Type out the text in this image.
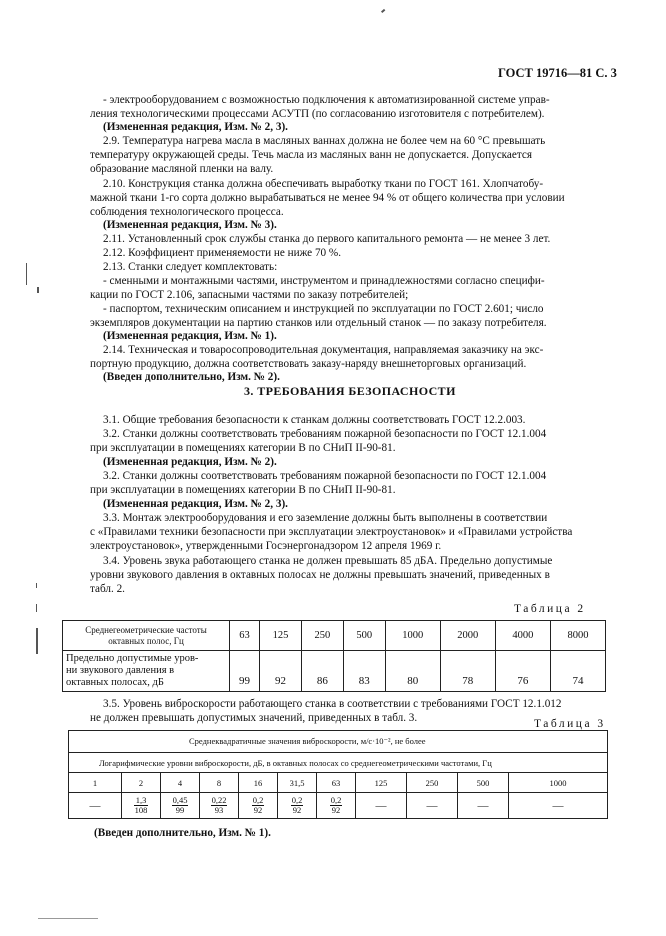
ГОСТ 19716—81 С. 3
- электрооборудованием с возможностью подключения к автоматизированной системе управ-
ления технологическими процессами АСУТП (по согласованию изготовителя с потребителем).
(Измененная редакция, Изм. № 2, 3).
2.9. Температура нагрева масла в масляных ваннах должна не более чем на 60 °С превышать
температуру окружающей среды. Течь масла из масляных ванн не допускается. Допускается
образование масляной пленки на валу.
2.10. Конструкция станка должна обеспечивать выработку ткани по ГОСТ 161. Хлопчатобу-
мажной ткани 1-го сорта должно вырабатываться не менее 94 % от общего количества при условии
соблюдения технологического процесса.
(Измененная редакция, Изм. № 3).
2.11. Установленный срок службы станка до первого капитального ремонта — не менее 3 лет.
2.12. Коэффициент применяемости не ниже 70 %.
2.13. Станки следует комплектовать:
- сменными и монтажными частями, инструментом и принадлежностями согласно специфи-
кации по ГОСТ 2.106, запасными частями по заказу потребителей;
- паспортом, техническим описанием и инструкцией по эксплуатации по ГОСТ 2.601; число
экземпляров документации на партию станков или отдельный станок — по заказу потребителя.
(Измененная редакция, Изм. № 1).
2.14. Техническая и товаросопроводительная документация, направляемая заказчику на экс-
портную продукцию, должна соответствовать заказу-наряду внешнеторговых организаций.
(Введен дополнительно, Изм. № 2).
3. ТРЕБОВАНИЯ БЕЗОПАСНОСТИ
3.1. Общие требования безопасности к станкам должны соответствовать ГОСТ 12.2.003.
3.2. Станки должны соответствовать требованиям пожарной безопасности по ГОСТ 12.1.004
при эксплуатации в помещениях категории В по СНиП II-90-81.
(Измененная редакция, Изм. № 2).
3.2. Станки должны соответствовать требованиям пожарной безопасности по ГОСТ 12.1.004
при эксплуатации в помещениях категории В по СНиП II-90-81.
(Измененная редакция, Изм. № 2, 3).
3.3. Монтаж электрооборудования и его заземление должны быть выполнены в соответствии
с «Правилами техники безопасности при эксплуатации электроустановок» и «Правилами устройства
электроустановок», утвержденными Госэнергонадзором 12 апреля 1969 г.
3.4. Уровень звука работающего станка не должен превышать 85 дБА. Предельно допустимые
уровни звукового давления в октавных полосах не должны превышать значений, приведенных в
табл. 2.
Таблица 2
Среднегеометрические частоты
октавных полос, Гц	63	125	250	500	1000	2000	4000	8000
Предельно допустимые уров-
ни звукового давления в
октавных полосах, дБ	99	92	86	83	80	78	76	74
3.5. Уровень виброскорости работающего станка в соответствии с требованиями ГОСТ 12.1.012
не должен превышать допустимых значений, приведенных в табл. 3.	Таблица 3
Среднеквадратичные значения виброскорости, м/с·10⁻², не более										
Логарифмические уровни виброскорости, дБ, в октавных полосах со среднегеометрическими частотами, Гц										
1	2	4	8	16	31,5	63	125	250	500	1000
—	$\frac{1,3}{108}$	$\frac{0,45}{99}$	$\frac{0,22}{93}$	$\frac{0,2}{92}$	$\frac{0,2}{92}$	$\frac{0,2}{92}$	—	—	—	—
(Введен дополнительно, Изм. № 1).
